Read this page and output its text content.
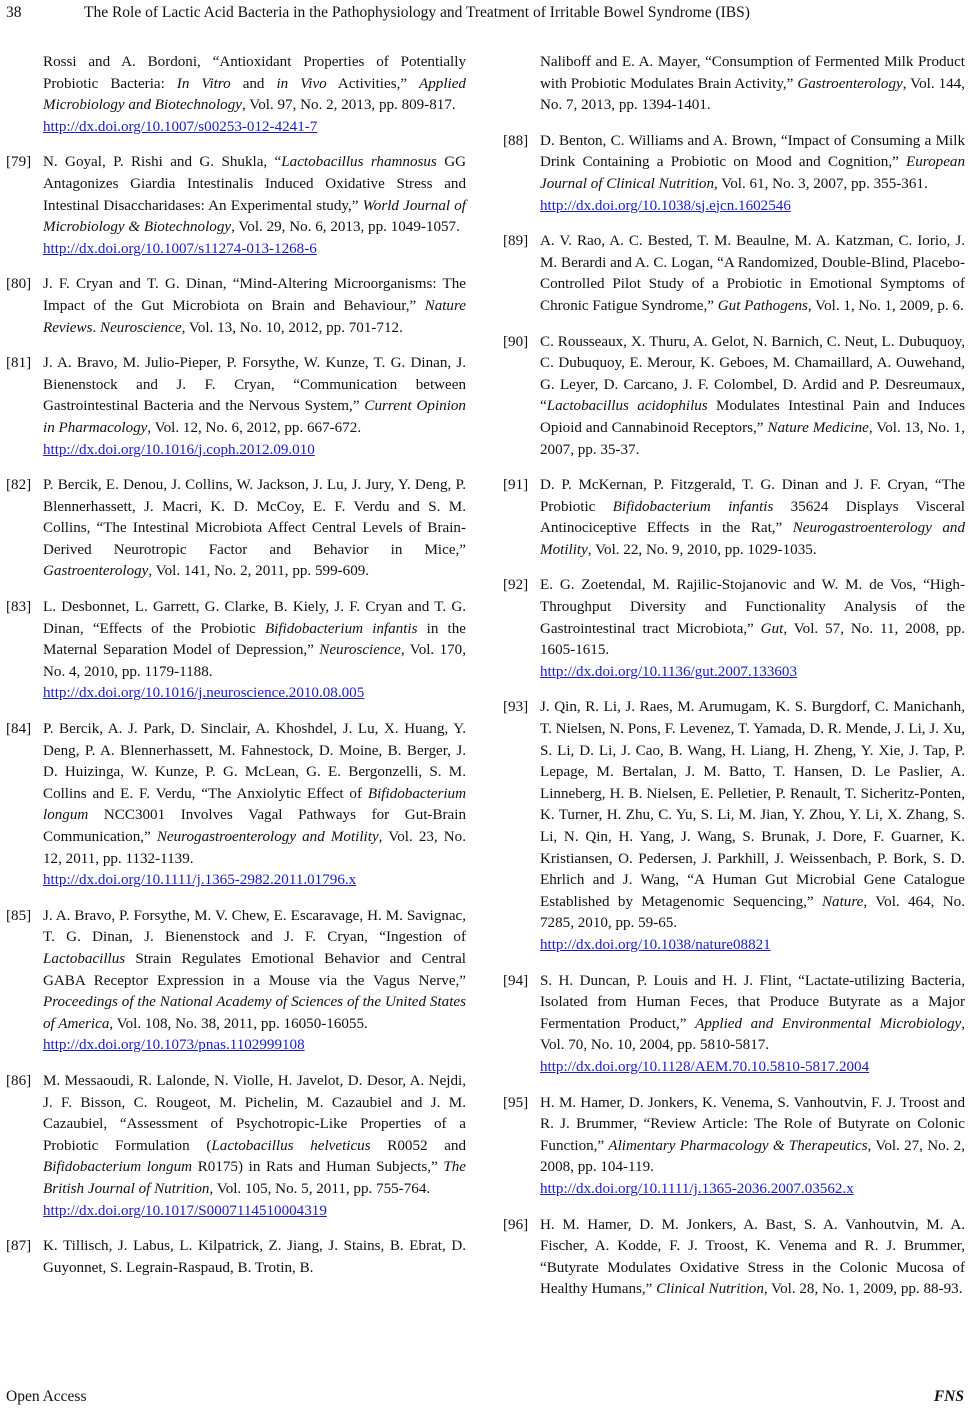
38	The Role of Lactic Acid Bacteria in the Pathophysiology and Treatment of Irritable Bowel Syndrome (IBS)
Rossi and A. Bordoni, “Antioxidant Properties of Potentially Probiotic Bacteria: In Vitro and in Vivo Activities,” Applied Microbiology and Biotechnology, Vol. 97, No. 2, 2013, pp. 809-817.
http://dx.doi.org/10.1007/s00253-012-4241-7
[79] N. Goyal, P. Rishi and G. Shukla, “Lactobacillus rhamnosus GG Antagonizes Giardia Intestinalis Induced Oxidative Stress and Intestinal Disaccharidases: An Experimental study,” World Journal of Microbiology & Biotechnology, Vol. 29, No. 6, 2013, pp. 1049-1057.
http://dx.doi.org/10.1007/s11274-013-1268-6
[80] J. F. Cryan and T. G. Dinan, “Mind-Altering Microorganisms: The Impact of the Gut Microbiota on Brain and Behaviour,” Nature Reviews. Neuroscience, Vol. 13, No. 10, 2012, pp. 701-712.
[81] J. A. Bravo, M. Julio-Pieper, P. Forsythe, W. Kunze, T. G. Dinan, J. Bienenstock and J. F. Cryan, “Communication between Gastrointestinal Bacteria and the Nervous System,” Current Opinion in Pharmacology, Vol. 12, No. 6, 2012, pp. 667-672.
http://dx.doi.org/10.1016/j.coph.2012.09.010
[82] P. Bercik, E. Denou, J. Collins, W. Jackson, J. Lu, J. Jury, Y. Deng, P. Blennerhassett, J. Macri, K. D. McCoy, E. F. Verdu and S. M. Collins, “The Intestinal Microbiota Affect Central Levels of Brain-Derived Neurotropic Factor and Behavior in Mice,” Gastroenterology, Vol. 141, No. 2, 2011, pp. 599-609.
[83] L. Desbonnet, L. Garrett, G. Clarke, B. Kiely, J. F. Cryan and T. G. Dinan, “Effects of the Probiotic Bifidobacterium infantis in the Maternal Separation Model of Depression,” Neuroscience, Vol. 170, No. 4, 2010, pp. 1179-1188.
http://dx.doi.org/10.1016/j.neuroscience.2010.08.005
[84] P. Bercik, A. J. Park, D. Sinclair, A. Khoshdel, J. Lu, X. Huang, Y. Deng, P. A. Blennerhassett, M. Fahnestock, D. Moine, B. Berger, J. D. Huizinga, W. Kunze, P. G. McLean, G. E. Bergonzelli, S. M. Collins and E. F. Verdu, “The Anxiolytic Effect of Bifidobacterium longum NCC3001 Involves Vagal Pathways for Gut-Brain Communication,” Neurogastroenterology and Motility, Vol. 23, No. 12, 2011, pp. 1132-1139.
http://dx.doi.org/10.1111/j.1365-2982.2011.01796.x
[85] J. A. Bravo, P. Forsythe, M. V. Chew, E. Escaravage, H. M. Savignac, T. G. Dinan, J. Bienenstock and J. F. Cryan, “Ingestion of Lactobacillus Strain Regulates Emotional Behavior and Central GABA Receptor Expression in a Mouse via the Vagus Nerve,” Proceedings of the National Academy of Sciences of the United States of America, Vol. 108, No. 38, 2011, pp. 16050-16055.
http://dx.doi.org/10.1073/pnas.1102999108
[86] M. Messaoudi, R. Lalonde, N. Violle, H. Javelot, D. Desor, A. Nejdi, J. F. Bisson, C. Rougeot, M. Pichelin, M. Cazaubiel and J. M. Cazaubiel, “Assessment of Psychotropic-Like Properties of a Probiotic Formulation (Lactobacillus helveticus R0052 and Bifidobacterium longum R0175) in Rats and Human Subjects,” The British Journal of Nutrition, Vol. 105, No. 5, 2011, pp. 755-764.
http://dx.doi.org/10.1017/S0007114510004319
[87] K. Tillisch, J. Labus, L. Kilpatrick, Z. Jiang, J. Stains, B. Ebrat, D. Guyonnet, S. Legrain-Raspaud, B. Trotin, B.
Naliboff and E. A. Mayer, “Consumption of Fermented Milk Product with Probiotic Modulates Brain Activity,” Gastroenterology, Vol. 144, No. 7, 2013, pp. 1394-1401.
[88] D. Benton, C. Williams and A. Brown, “Impact of Consuming a Milk Drink Containing a Probiotic on Mood and Cognition,” European Journal of Clinical Nutrition, Vol. 61, No. 3, 2007, pp. 355-361.
http://dx.doi.org/10.1038/sj.ejcn.1602546
[89] A. V. Rao, A. C. Bested, T. M. Beaulne, M. A. Katzman, C. Iorio, J. M. Berardi and A. C. Logan, “A Randomized, Double-Blind, Placebo-Controlled Pilot Study of a Probiotic in Emotional Symptoms of Chronic Fatigue Syndrome,” Gut Pathogens, Vol. 1, No. 1, 2009, p. 6.
[90] C. Rousseaux, X. Thuru, A. Gelot, N. Barnich, C. Neut, L. Dubuquoy, C. Dubuquoy, E. Merour, K. Geboes, M. Chamaillard, A. Ouwehand, G. Leyer, D. Carcano, J. F. Colombel, D. Ardid and P. Desreumaux, “Lactobacillus acidophilus Modulates Intestinal Pain and Induces Opioid and Cannabinoid Receptors,” Nature Medicine, Vol. 13, No. 1, 2007, pp. 35-37.
[91] D. P. McKernan, P. Fitzgerald, T. G. Dinan and J. F. Cryan, “The Probiotic Bifidobacterium infantis 35624 Displays Visceral Antinociceptive Effects in the Rat,” Neurogastroenterology and Motility, Vol. 22, No. 9, 2010, pp. 1029-1035.
[92] E. G. Zoetendal, M. Rajilic-Stojanovic and W. M. de Vos, “High-Throughput Diversity and Functionality Analysis of the Gastrointestinal tract Microbiota,” Gut, Vol. 57, No. 11, 2008, pp. 1605-1615.
http://dx.doi.org/10.1136/gut.2007.133603
[93] J. Qin, R. Li, J. Raes, M. Arumugam, K. S. Burgdorf, C. Manichanh, T. Nielsen, N. Pons, F. Levenez, T. Yamada, D. R. Mende, J. Li, J. Xu, S. Li, D. Li, J. Cao, B. Wang, H. Liang, H. Zheng, Y. Xie, J. Tap, P. Lepage, M. Bertalan, J. M. Batto, T. Hansen, D. Le Paslier, A. Linneberg, H. B. Nielsen, E. Pelletier, P. Renault, T. Sicheritz-Ponten, K. Turner, H. Zhu, C. Yu, S. Li, M. Jian, Y. Zhou, Y. Li, X. Zhang, S. Li, N. Qin, H. Yang, J. Wang, S. Brunak, J. Dore, F. Guarner, K. Kristiansen, O. Pedersen, J. Parkhill, J. Weissenbach, P. Bork, S. D. Ehrlich and J. Wang, “A Human Gut Microbial Gene Catalogue Established by Metagenomic Sequencing,” Nature, Vol. 464, No. 7285, 2010, pp. 59-65.
http://dx.doi.org/10.1038/nature08821
[94] S. H. Duncan, P. Louis and H. J. Flint, “Lactate-utilizing Bacteria, Isolated from Human Feces, that Produce Butyrate as a Major Fermentation Product,” Applied and Environmental Microbiology, Vol. 70, No. 10, 2004, pp. 5810-5817.
http://dx.doi.org/10.1128/AEM.70.10.5810-5817.2004
[95] H. M. Hamer, D. Jonkers, K. Venema, S. Vanhoutvin, F. J. Troost and R. J. Brummer, “Review Article: The Role of Butyrate on Colonic Function,” Alimentary Pharmacology & Therapeutics, Vol. 27, No. 2, 2008, pp. 104-119.
http://dx.doi.org/10.1111/j.1365-2036.2007.03562.x
[96] H. M. Hamer, D. M. Jonkers, A. Bast, S. A. Vanhoutvin, M. A. Fischer, A. Kodde, F. J. Troost, K. Venema and R. J. Brummer, “Butyrate Modulates Oxidative Stress in the Colonic Mucosa of Healthy Humans,” Clinical Nutrition, Vol. 28, No. 1, 2009, pp. 88-93.
Open Access	FNS
